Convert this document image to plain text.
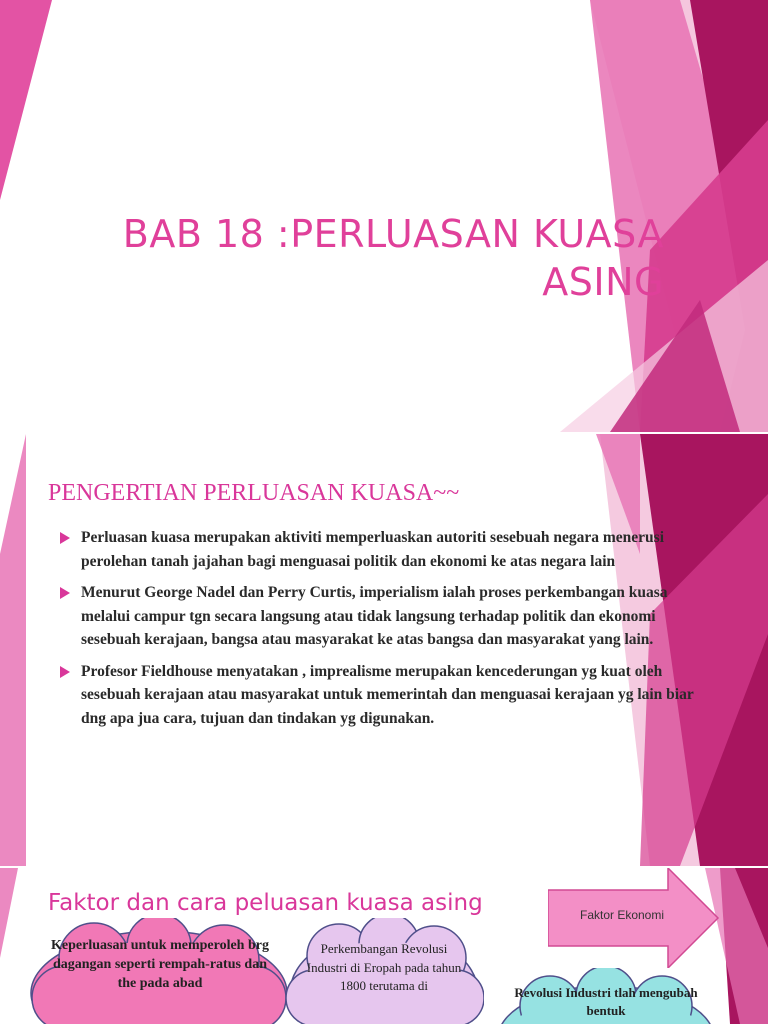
BAB 18 :PERLUASAN KUASA
ASING
PENGERTIAN PERLUASAN KUASA~~
Perluasan kuasa merupakan aktiviti memperluaskan autoriti sesebuah negara menerusi perolehan tanah jajahan bagi menguasai politik dan ekonomi ke atas negara lain
Menurut George Nadel dan Perry Curtis, imperialism ialah proses perkembangan kuasa melalui campur tgn secara langsung atau tidak langsung terhadap politik dan ekonomi sesebuah kerajaan, bangsa atau masyarakat ke atas bangsa dan masyarakat yang lain.
Profesor Fieldhouse menyatakan , imprealisme merupakan kencederungan yg kuat oleh sesebuah kerajaan atau masyarakat untuk memerintah dan menguasai kerajaan yg lain biar dng apa jua cara, tujuan dan tindakan yg digunakan.
Faktor dan cara peluasan kuasa asing	Faktor Ekonomi
Keperluasan untuk memperoleh brg dagangan seperti rempah-ratus dan the pada abad
Perkembangan Revolusi Industri di Eropah pada tahun 1800 terutama di	Revolusi Industri tlah mengubah bentuk
